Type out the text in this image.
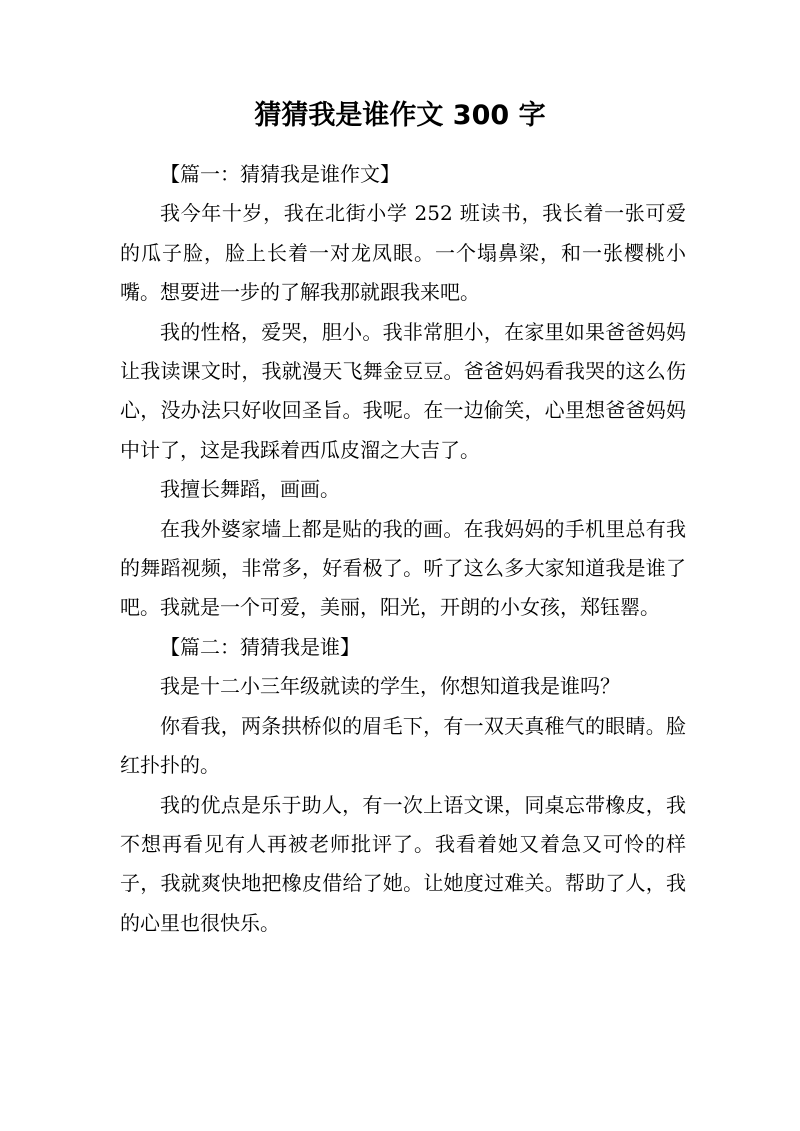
猜猜我是谁作文 300 字

【篇一：猜猜我是谁作文】

我今年十岁，我在北街小学 252 班读书，我长着一张可爱的瓜子脸，脸上长着一对龙凤眼。一个塌鼻梁，和一张樱桃小嘴。想要进一步的了解我那就跟我来吧。

我的性格，爱哭，胆小。我非常胆小，在家里如果爸爸妈妈让我读课文时，我就漫天飞舞金豆豆。爸爸妈妈看我哭的这么伤心，没办法只好收回圣旨。我呢。在一边偷笑，心里想爸爸妈妈中计了，这是我踩着西瓜皮溜之大吉了。

我擅长舞蹈，画画。

在我外婆家墙上都是贴的我的画。在我妈妈的手机里总有我的舞蹈视频，非常多，好看极了。听了这么多大家知道我是谁了吧。我就是一个可爱，美丽，阳光，开朗的小女孩，郑钰罂。

【篇二：猜猜我是谁】

我是十二小三年级就读的学生，你想知道我是谁吗？

你看我，两条拱桥似的眉毛下，有一双天真稚气的眼睛。脸红扑扑的。

我的优点是乐于助人，有一次上语文课，同桌忘带橡皮，我不想再看见有人再被老师批评了。我看着她又着急又可怜的样子，我就爽快地把橡皮借给了她。让她度过难关。帮助了人，我的心里也很快乐。
